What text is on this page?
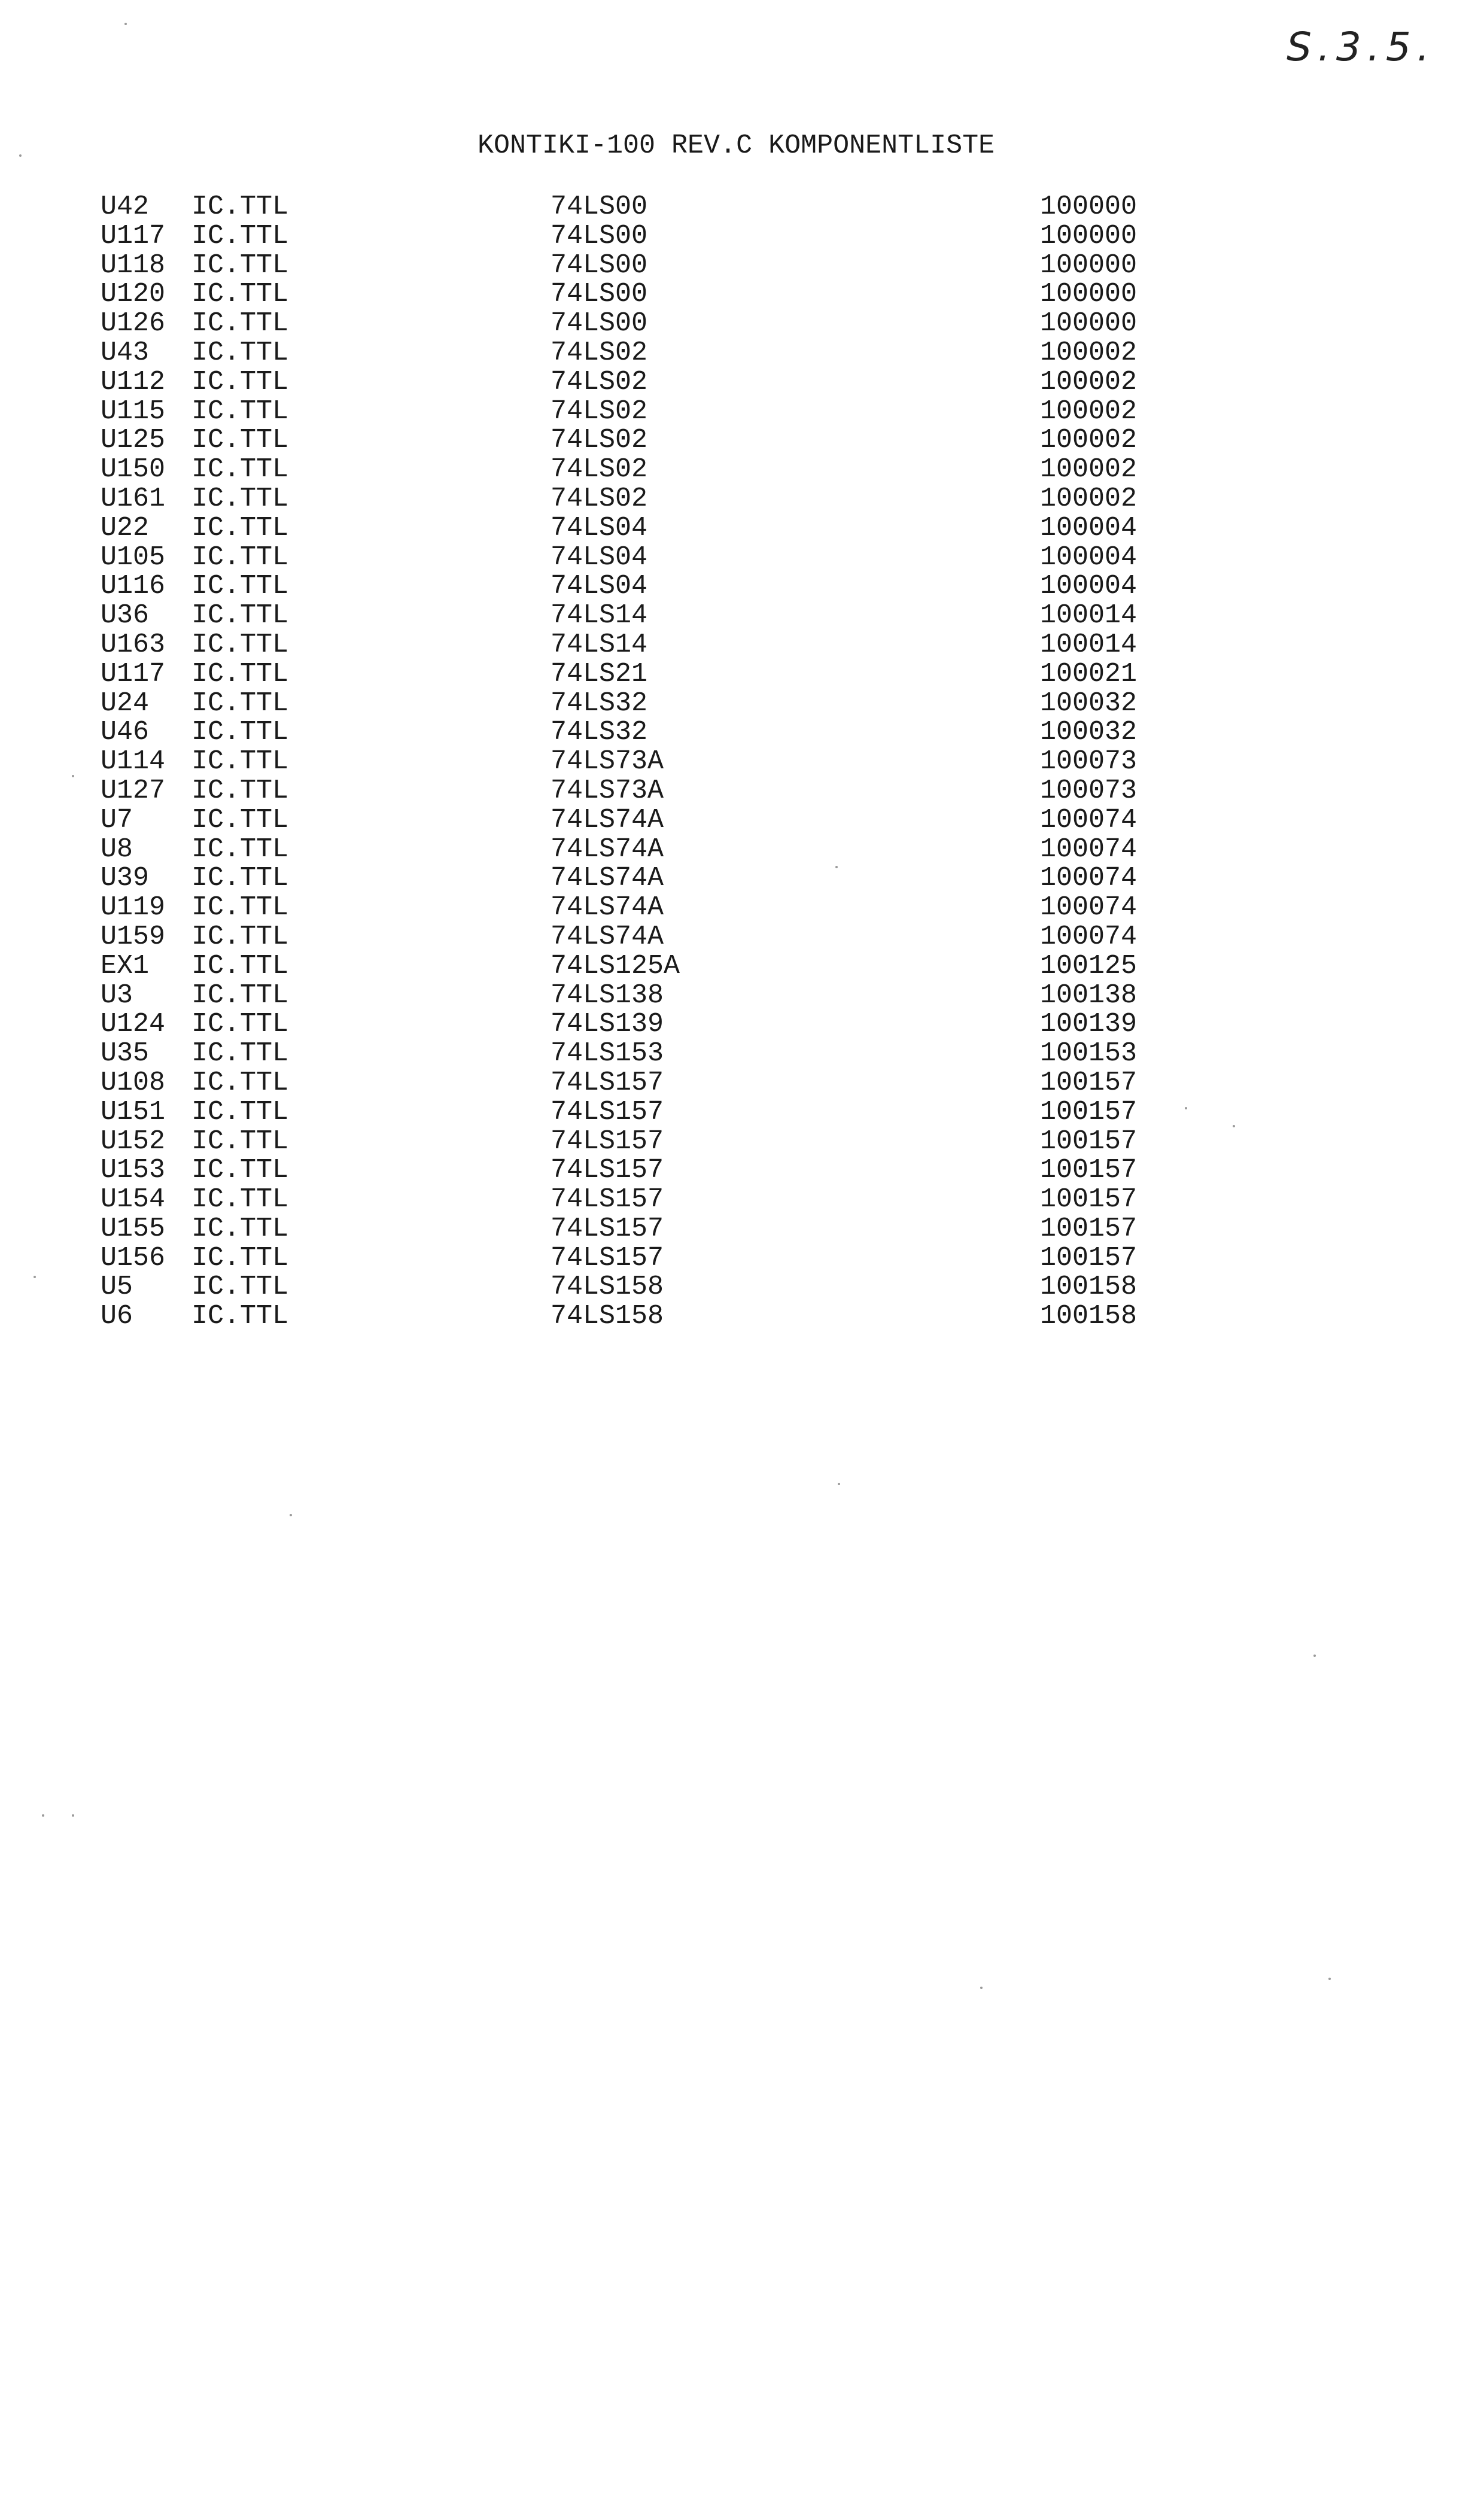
S.3.5.
KONTIKI-100 REV.C KOMPONENTLISTE
U42 IC.TTL	74LS00	100000
U117 IC.TTL	74LS00	100000
U118 IC.TTL	74LS00	100000
U120 IC.TTL	74LS00	100000
U126 IC.TTL	74LS00	100000
U43 IC.TTL	74LS02	100002
U112 IC.TTL	74LS02	100002
U115 IC.TTL	74LS02	100002
U125 IC.TTL	74LS02	100002
U150 IC.TTL	74LS02	100002
U161 IC.TTL	74LS02	100002
U22 IC.TTL	74LS04	100004
U105 IC.TTL	74LS04	100004
U116 IC.TTL	74LS04	100004
U36 IC.TTL	74LS14	100014
U163 IC.TTL	74LS14	100014
U117 IC.TTL	74LS21	100021
U24 IC.TTL	74LS32	100032
U46 IC.TTL	74LS32	100032
U114 IC.TTL	74LS73A	100073
U127 IC.TTL	74LS73A	100073
U7 IC.TTL	74LS74A	100074
U8 IC.TTL	74LS74A	100074
U39 IC.TTL	74LS74A	100074
U119 IC.TTL	74LS74A	100074
U159 IC.TTL	74LS74A	100074
EX1 IC.TTL	74LS125A	100125
U3 IC.TTL	74LS138	100138
U124 IC.TTL	74LS139	100139
U35 IC.TTL	74LS153	100153
U108 IC.TTL	74LS157	100157
U151 IC.TTL	74LS157	100157
U152 IC.TTL	74LS157	100157
U153 IC.TTL	74LS157	100157
U154 IC.TTL	74LS157	100157
U155 IC.TTL	74LS157	100157
U156 IC.TTL	74LS157	100157
U5 IC.TTL	74LS158	100158
U6 IC.TTL	74LS158	100158
